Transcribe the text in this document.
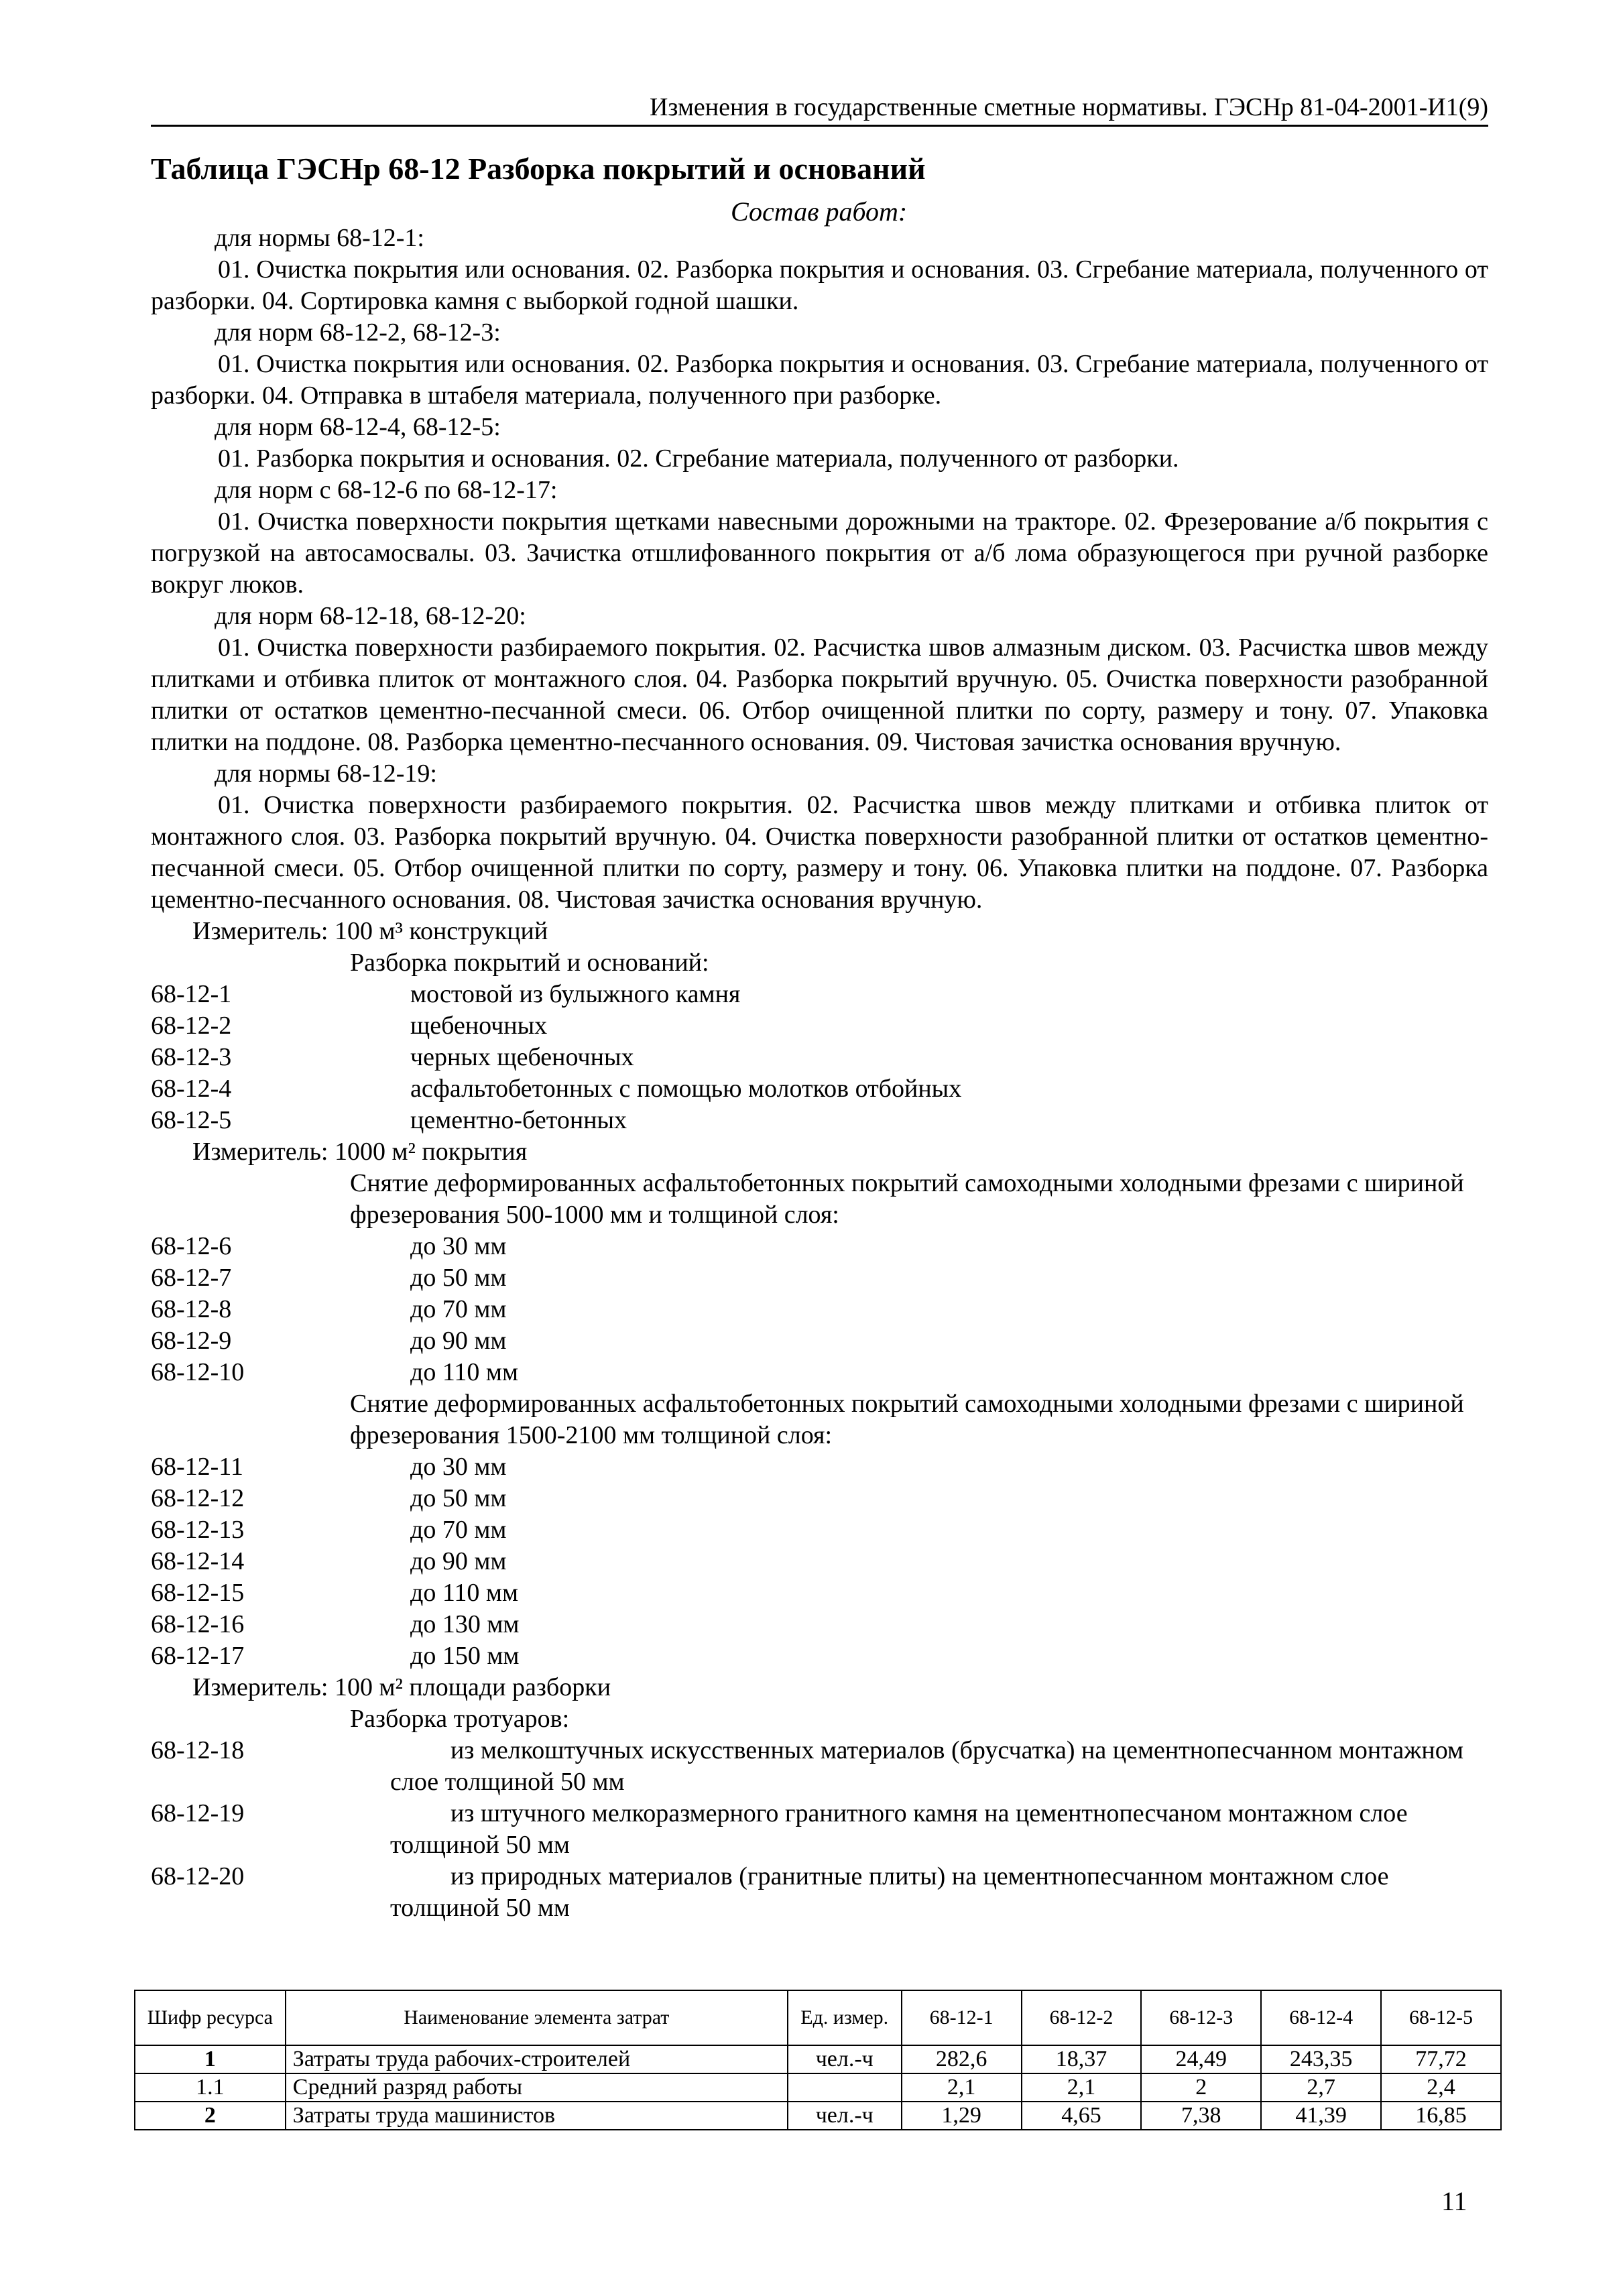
Изменения в государственные сметные нормативы. ГЭСНр 81-04-2001-И1(9)
Таблица ГЭСНр 68-12 Разборка покрытий и оснований
Состав работ:
для нормы 68-12-1:
01. Очистка покрытия или основания. 02. Разборка покрытия и основания. 03. Сгребание материала, полученного от разборки. 04. Сортировка камня с выборкой годной шашки.
для норм 68-12-2, 68-12-3:
01. Очистка покрытия или основания. 02. Разборка покрытия и основания. 03. Сгребание материала, полученного от разборки. 04. Отправка в штабеля материала, полученного при разборке.
для норм 68-12-4, 68-12-5:
01. Разборка покрытия и основания. 02. Сгребание материала, полученного от разборки.
для норм с 68-12-6 по 68-12-17:
01. Очистка поверхности покрытия щетками навесными дорожными на тракторе. 02. Фрезерование а/б покрытия с погрузкой на автосамосвалы. 03. Зачистка отшлифованного покрытия от а/б лома образующегося при ручной разборке вокруг люков.
для норм 68-12-18, 68-12-20:
01. Очистка поверхности разбираемого покрытия. 02. Расчистка швов алмазным диском. 03. Расчистка швов между плитками и отбивка плиток от монтажного слоя. 04. Разборка покрытий вручную. 05. Очистка поверхности разобранной плитки от остатков цементно-песчанной смеси. 06. Отбор очищенной плитки по сорту, размеру и тону. 07. Упаковка плитки на поддоне. 08. Разборка цементно-песчанного основания. 09. Чистовая зачистка основания вручную.
для нормы 68-12-19:
01. Очистка поверхности разбираемого покрытия. 02. Расчистка швов между плитками и отбивка плиток от монтажного слоя. 03. Разборка покрытий вручную. 04. Очистка поверхности разобранной плитки от остатков цементно-песчанной смеси. 05. Отбор очищенной плитки по сорту, размеру и тону. 06. Упаковка плитки на поддоне. 07. Разборка цементно-песчанного основания. 08. Чистовая зачистка основания вручную.
Измеритель: 100 м³ конструкций
Разборка покрытий и оснований:
68-12-1	мостовой из булыжного камня
68-12-2	щебеночных
68-12-3	черных щебеночных
68-12-4	асфальтобетонных с помощью молотков отбойных
68-12-5	цементно-бетонных
Измеритель: 1000 м² покрытия
Снятие деформированных асфальтобетонных покрытий самоходными холодными фрезами с шириной фрезерования 500-1000 мм и толщиной слоя:
68-12-6	до 30 мм
68-12-7	до 50 мм
68-12-8	до 70 мм
68-12-9	до 90 мм
68-12-10	до 110 мм
Снятие деформированных асфальтобетонных покрытий самоходными холодными фрезами с шириной фрезерования 1500-2100 мм толщиной слоя:
68-12-11	до 30 мм
68-12-12	до 50 мм
68-12-13	до 70 мм
68-12-14	до 90 мм
68-12-15	до 110 мм
68-12-16	до 130 мм
68-12-17	до 150 мм
Измеритель: 100 м² площади разборки
Разборка тротуаров:
68-12-18	из мелкоштучных искусственных материалов (брусчатка) на цементнопесчанном монтажном слое толщиной 50 мм
68-12-19	из штучного мелкоразмерного гранитного камня на цементнопесчаном монтажном слое толщиной 50 мм
68-12-20	из природных материалов (гранитные плиты) на цементнопесчанном монтажном слое толщиной 50 мм
Шифр ресурса	Наименование элемента затрат	Ед. измер.	68-12-1	68-12-2	68-12-3	68-12-4	68-12-5
1	Затраты труда рабочих-строителей	чел.-ч	282,6	18,37	24,49	243,35	77,72
1.1	Средний разряд работы		2,1	2,1	2	2,7	2,4
2	Затраты труда машинистов	чел.-ч	1,29	4,65	7,38	41,39	16,85
11
